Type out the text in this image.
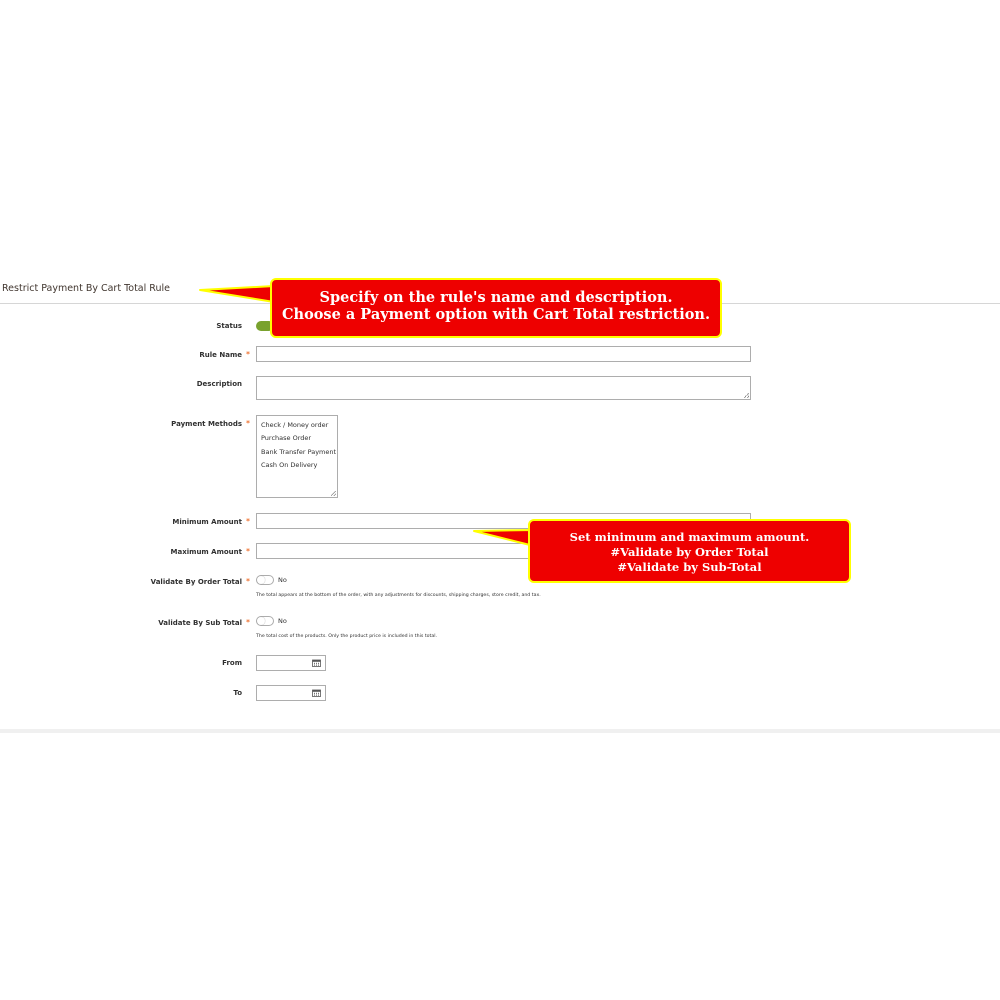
Restrict Payment By Cart Total Rule
Status
Rule Name *
Description
Payment Methods * Check / Money order
Purchase Order
Bank Transfer Payment
Cash On Delivery
Minimum Amount *
Maximum Amount *
Validate By Order Total *	No
The total appears at the bottom of the order, with any adjustments for discounts, shipping charges, store credit, and tax.
Validate By Sub Total *	No
The total cost of the products. Only the product price is included in this total.
From
To
Specify on the rule's name and description.
Choose a Payment option with Cart Total restriction.
Set minimum and maximum amount.
#Validate by Order Total
#Validate by Sub-Total
